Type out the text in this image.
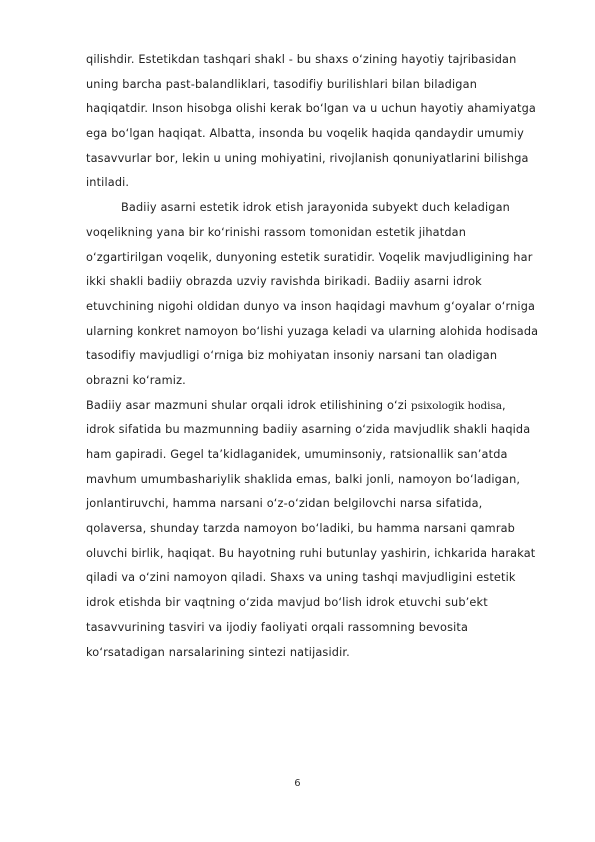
qilishdir. Estetikdan tashqari shakl - bu shaxs o‘zining hayotiy tajribasidan
uning barcha past-balandliklari, tasodifiy burilishlari bilan biladigan
haqiqatdir. Inson hisobga olishi kerak bo‘lgan va u uchun hayotiy ahamiyatga
ega bo‘lgan haqiqat. Albatta, insonda bu voqelik haqida qandaydir umumiy
tasavvurlar bor, lekin u uning mohiyatini, rivojlanish qonuniyatlarini bilishga
intiladi.
Badiiy asarni estetik idrok etish jarayonida subyekt duch keladigan
voqelikning yana bir ko‘rinishi rassom tomonidan estetik jihatdan
o‘zgartirilgan voqelik, dunyoning estetik suratidir. Voqelik mavjudligining har
ikki shakli badiiy obrazda uzviy ravishda birikadi. Badiiy asarni idrok
etuvchining nigohi oldidan dunyo va inson haqidagi mavhum g‘oyalar o‘rniga
ularning konkret namoyon bo‘lishi yuzaga keladi va ularning alohida hodisada
tasodifiy mavjudligi o‘rniga biz mohiyatan insoniy narsani tan oladigan
obrazni ko‘ramiz.
Badiiy asar mazmuni shular orqali idrok etilishining o‘zi psixologik hodisa,
idrok sifatida bu mazmunning badiiy asarning o‘zida mavjudlik shakli haqida
ham gapiradi. Gegel ta’kidlaganidek, umuminsoniy, ratsionallik san’atda
mavhum umumbashariylik shaklida emas, balki jonli, namoyon bo‘ladigan,
jonlantiruvchi, hamma narsani o‘z-o‘zidan belgilovchi narsa sifatida,
qolaversa, shunday tarzda namoyon bo‘ladiki, bu hamma narsani qamrab
oluvchi birlik, haqiqat. Bu hayotning ruhi butunlay yashirin, ichkarida harakat
qiladi va o‘zini namoyon qiladi. Shaxs va uning tashqi mavjudligini estetik
idrok etishda bir vaqtning o‘zida mavjud bo‘lish idrok etuvchi sub’ekt
tasavvurining tasviri va ijodiy faoliyati orqali rassomning bevosita
ko‘rsatadigan narsalarining sintezi natijasidir.
6
